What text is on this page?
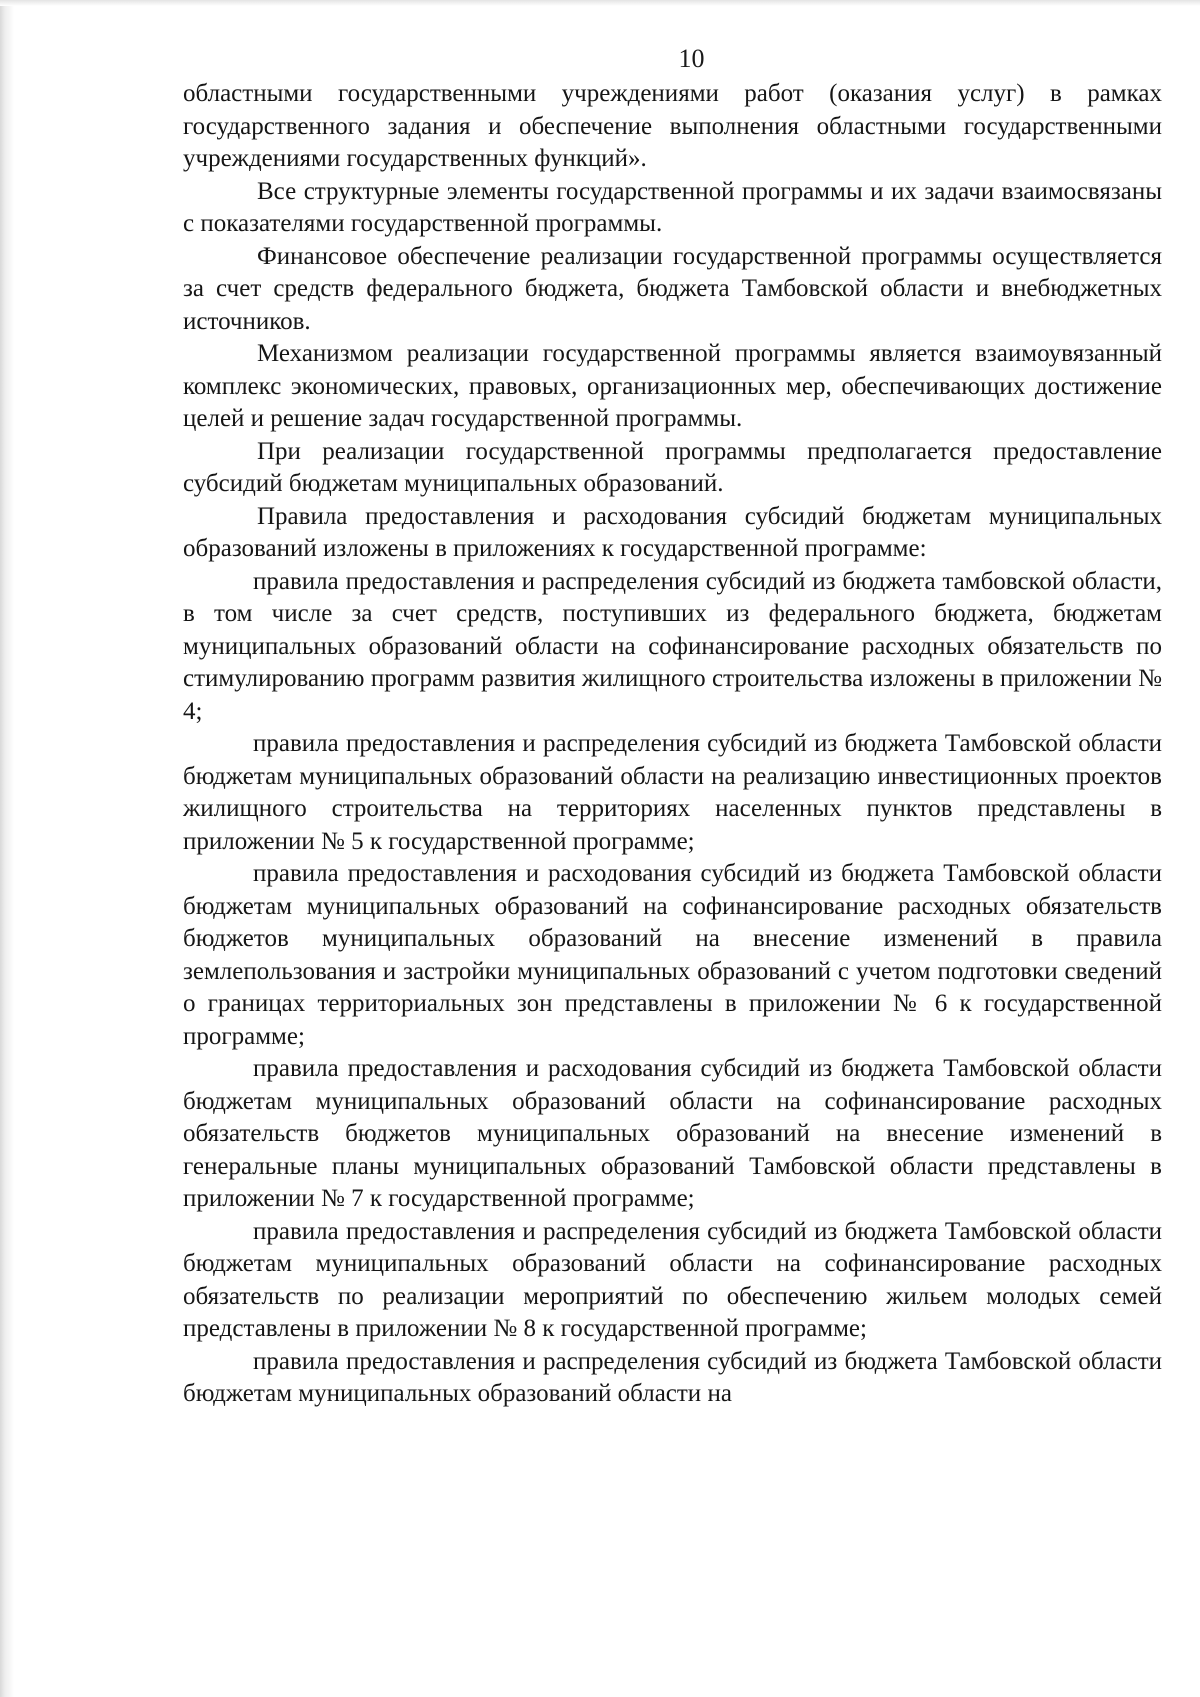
10

областными государственными учреждениями работ (оказания услуг) в рамках государственного задания и обеспечение выполнения областными государственными учреждениями государственных функций».

Все структурные элементы государственной программы и их задачи взаимосвязаны с показателями государственной программы.

Финансовое обеспечение реализации государственной программы осуществляется за счет средств федерального бюджета, бюджета Тамбовской области и внебюджетных источников.

Механизмом реализации государственной программы является взаимоувязанный комплекс экономических, правовых, организационных мер, обеспечивающих достижение целей и решение задач государственной программы.

При реализации государственной программы предполагается предоставление субсидий бюджетам муниципальных образований.

Правила предоставления и расходования субсидий бюджетам муниципальных образований изложены в приложениях к государственной программе:

правила предоставления и распределения субсидий из бюджета тамбовской области, в том числе за счет средств, поступивших из федерального бюджета, бюджетам муниципальных образований области на софинансирование расходных обязательств по стимулированию программ развития жилищного строительства изложены в приложении № 4;

правила предоставления и распределения субсидий из бюджета Тамбовской области бюджетам муниципальных образований области на реализацию инвестиционных проектов жилищного строительства на территориях населенных пунктов представлены в приложении № 5 к государственной программе;

правила предоставления и расходования субсидий из бюджета Тамбовской области бюджетам муниципальных образований на софинансирование расходных обязательств бюджетов муниципальных образований на внесение изменений в правила землепользования и застройки муниципальных образований с учетом подготовки сведений о границах территориальных зон представлены в приложении № 6 к государственной программе;

правила предоставления и расходования субсидий из бюджета Тамбовской области бюджетам муниципальных образований области на софинансирование расходных обязательств бюджетов муниципальных образований на внесение изменений в генеральные планы муниципальных образований Тамбовской области представлены в приложении № 7 к государственной программе;

правила предоставления и распределения субсидий из бюджета Тамбовской области бюджетам муниципальных образований области на софинансирование расходных обязательств по реализации мероприятий по обеспечению жильем молодых семей представлены в приложении № 8 к государственной программе;

правила предоставления и распределения субсидий из бюджета Тамбовской области бюджетам муниципальных образований области на
